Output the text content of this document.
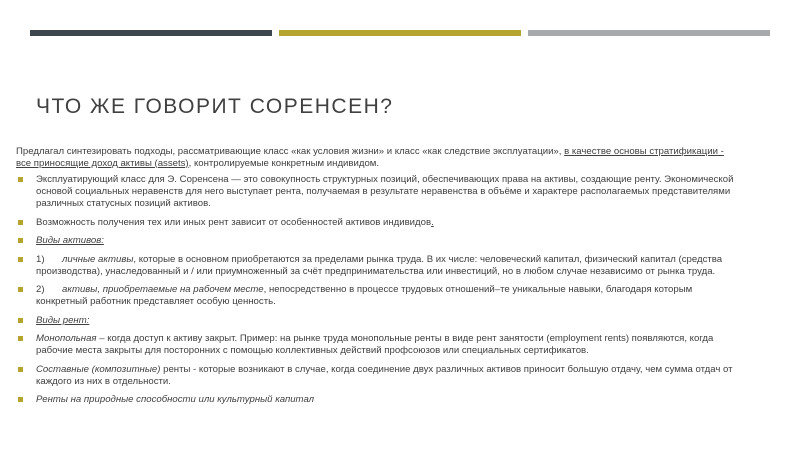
ЧТО ЖЕ ГОВОРИТ СОРЕНСЕН?
Предлагал синтезировать подходы, рассматривающие класс «как условия жизни» и класс «как следствие эксплуатации», в качестве основы стратификации - все приносящие доход активы (assets), контролируемые конкретным индивидом.
Эксплуатирующий класс для Э. Соренсена — это совокупность структурных позиций, обеспечивающих права на активы, создающие ренту. Экономической основой социальных неравенств для него выступает рента, получаемая в результате неравенства в объёме и характере располагаемых представителями различных статусных позиций активов.
Возможность получения тех или иных рент зависит от особенностей активов индивидов.
Виды активов:
1) личные активы, которые в основном приобретаются за пределами рынка труда. В их числе: человеческий капитал, физический капитал (средства производства), унаследованный и / или приумноженный за счёт предпринимательства или инвестиций, но в любом случае независимо от рынка труда.
2) активы, приобретаемые на рабочем месте, непосредственно в процессе трудовых отношений–те уникальные навыки, благодаря которым конкретный работник представляет особую ценность.
Виды рент:
Монопольная – когда доступ к активу закрыт. Пример: на рынке труда монопольные ренты в виде рент занятости (employment rents) появляются, когда рабочие места закрыты для посторонних с помощью коллективных действий профсоюзов или специальных сертификатов.
Составные (композитные) ренты - которые возникают в случае, когда соединение двух различных активов приносит большую отдачу, чем сумма отдач от каждого из них в отдельности.
Ренты на природные способности или культурный капитал
